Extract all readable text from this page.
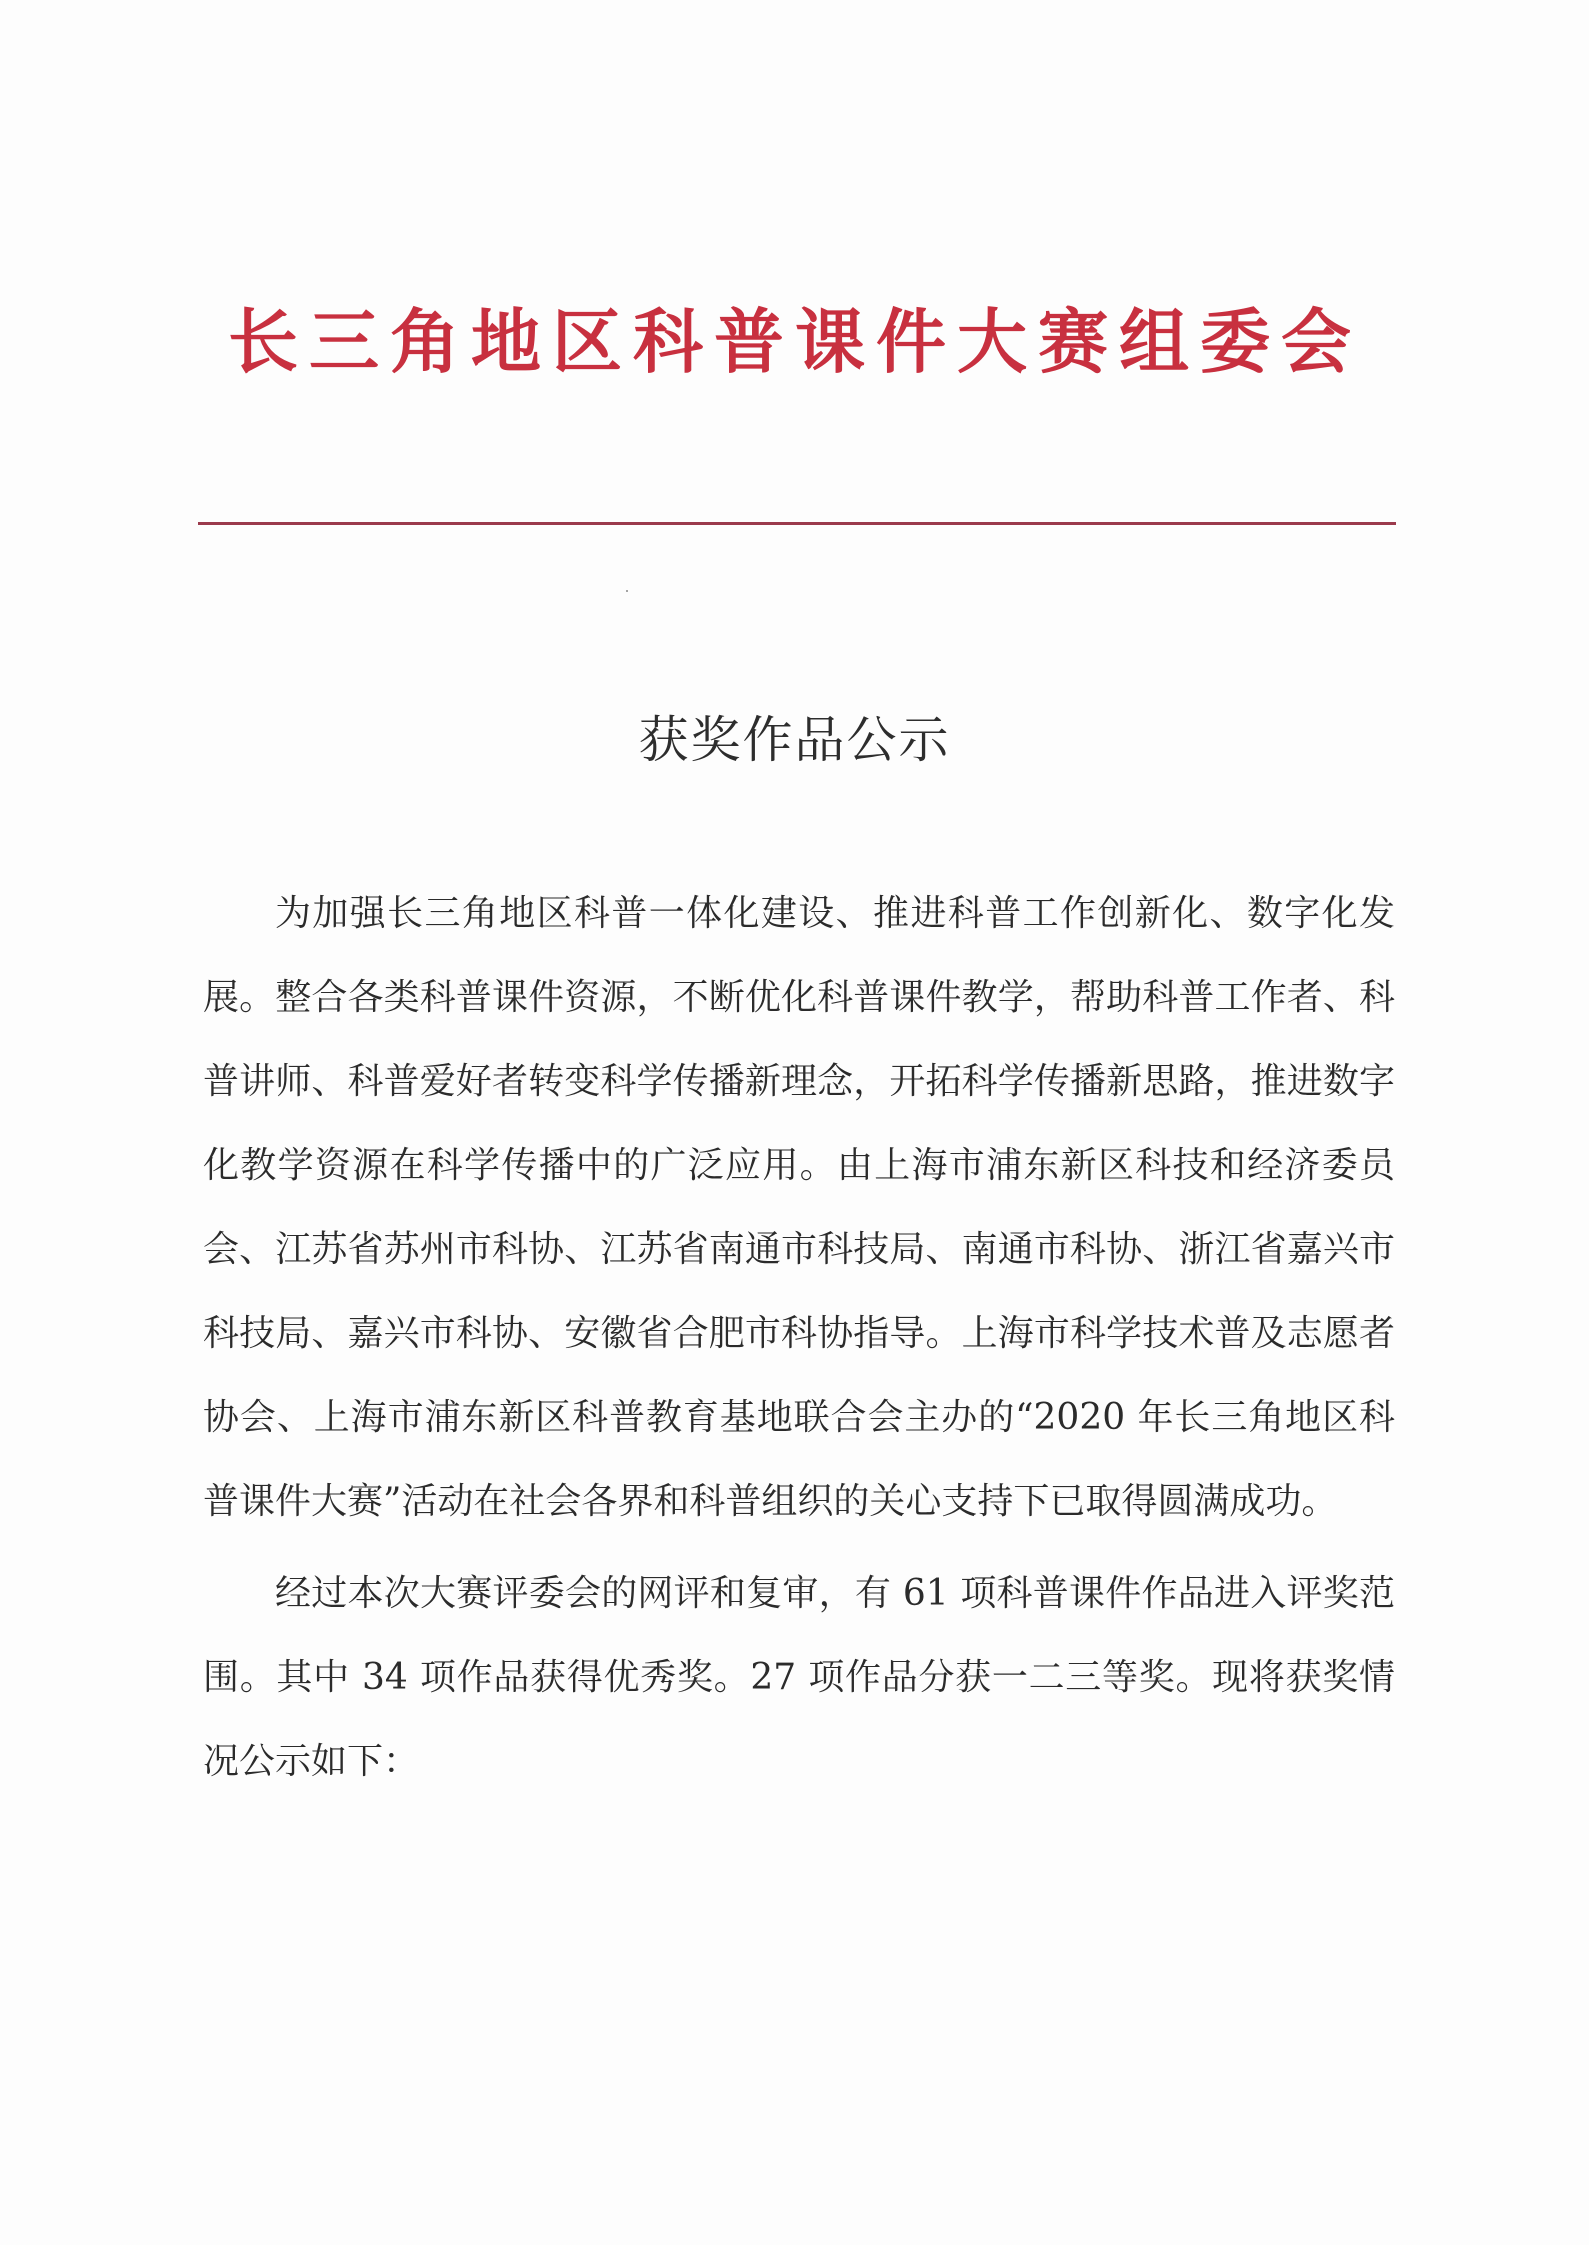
长三角地区科普课件大赛组委会
获奖作品公示

为加强长三角地区科普一体化建设、推进科普工作创新化、数字化发展。整合各类科普课件资源，不断优化科普课件教学，帮助科普工作者、科普讲师、科普爱好者转变科学传播新理念，开拓科学传播新思路，推进数字化教学资源在科学传播中的广泛应用。由上海市浦东新区科技和经济委员会、江苏省苏州市科协、江苏省南通市科技局、南通市科协、浙江省嘉兴市科技局、嘉兴市科协、安徽省合肥市科协指导。上海市科学技术普及志愿者协会、上海市浦东新区科普教育基地联合会主办的“2020 年长三角地区科普课件大赛”活动在社会各界和科普组织的关心支持下已取得圆满成功。

经过本次大赛评委会的网评和复审，有 61 项科普课件作品进入评奖范围。其中 34 项作品获得优秀奖。27 项作品分获一二三等奖。现将获奖情况公示如下：
